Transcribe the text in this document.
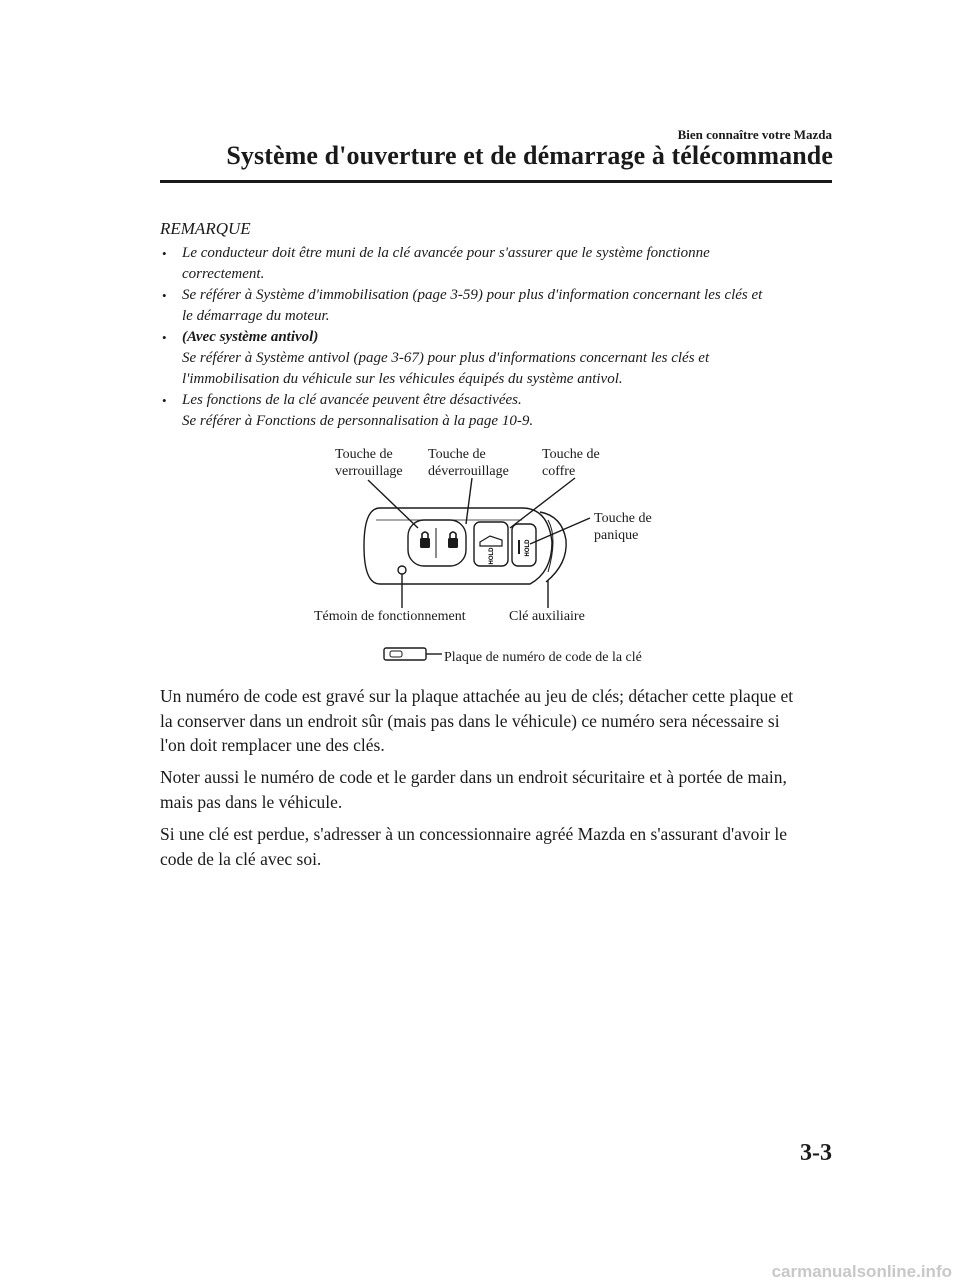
Bien connaître votre Mazda
Système d'ouverture et de démarrage à télécommande
REMARQUE
• Le conducteur doit être muni de la clé avancée pour s'assurer que le système fonctionne
correctement.
• Se référer à Système d'immobilisation (page 3-59) pour plus d'information concernant les clés et
le démarrage du moteur.
• (Avec système antivol)
Se référer à Système antivol (page 3-67) pour plus d'informations concernant les clés et
l'immobilisation du véhicule sur les véhicules équipés du système antivol.
• Les fonctions de la clé avancée peuvent être désactivées.
Se référer à Fonctions de personnalisation à la page 10-9.
HOLD	HOLD
Touche de
verrouillage
Touche de
déverrouillage
Touche de
coffre
Touche de
panique
Témoin de fonctionnement	Clé auxiliaire
Plaque de numéro de code de la clé
Un numéro de code est gravé sur la plaque attachée au jeu de clés; détacher cette plaque et
la conserver dans un endroit sûr (mais pas dans le véhicule) ce numéro sera nécessaire si
l'on doit remplacer une des clés.
Noter aussi le numéro de code et le garder dans un endroit sécuritaire et à portée de main,
mais pas dans le véhicule.
Si une clé est perdue, s'adresser à un concessionnaire agréé Mazda en s'assurant d'avoir le
code de la clé avec soi.
3-3
carmanualsonline.info
